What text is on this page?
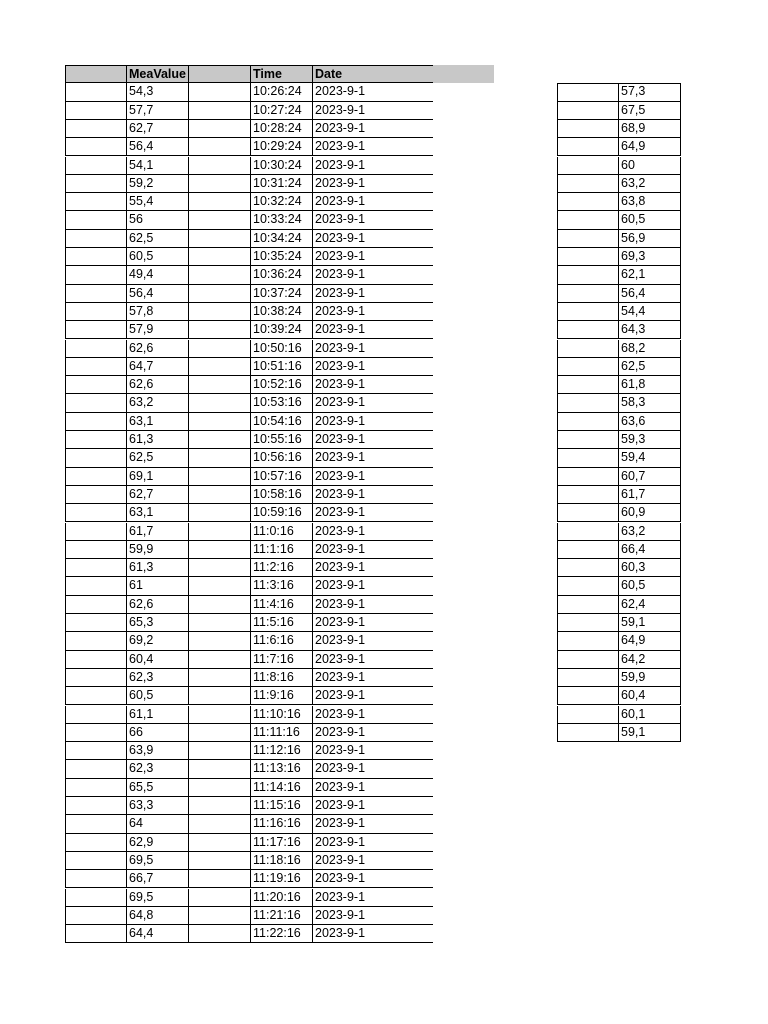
MeaValue	Time	Date
54,3	10:26:24	2023-9-1
57,7	10:27:24	2023-9-1
62,7	10:28:24	2023-9-1
56,4	10:29:24	2023-9-1
54,1	10:30:24	2023-9-1
59,2	10:31:24	2023-9-1
55,4	10:32:24	2023-9-1
56	10:33:24	2023-9-1
62,5	10:34:24	2023-9-1
60,5	10:35:24	2023-9-1
49,4	10:36:24	2023-9-1
56,4	10:37:24	2023-9-1
57,8	10:38:24	2023-9-1
57,9	10:39:24	2023-9-1
62,6	10:50:16	2023-9-1
64,7	10:51:16	2023-9-1
62,6	10:52:16	2023-9-1
63,2	10:53:16	2023-9-1
63,1	10:54:16	2023-9-1
61,3	10:55:16	2023-9-1
62,5	10:56:16	2023-9-1
69,1	10:57:16	2023-9-1
62,7	10:58:16	2023-9-1
63,1	10:59:16	2023-9-1
61,7	11:0:16	2023-9-1
59,9	11:1:16	2023-9-1
61,3	11:2:16	2023-9-1
61	11:3:16	2023-9-1
62,6	11:4:16	2023-9-1
65,3	11:5:16	2023-9-1
69,2	11:6:16	2023-9-1
60,4	11:7:16	2023-9-1
62,3	11:8:16	2023-9-1
60,5	11:9:16	2023-9-1
61,1	11:10:16	2023-9-1
66	11:11:16	2023-9-1
63,9	11:12:16	2023-9-1
62,3	11:13:16	2023-9-1
65,5	11:14:16	2023-9-1
63,3	11:15:16	2023-9-1
64	11:16:16	2023-9-1
62,9	11:17:16	2023-9-1
69,5	11:18:16	2023-9-1
66,7	11:19:16	2023-9-1
69,5	11:20:16	2023-9-1
64,8	11:21:16	2023-9-1
64,4	11:22:16	2023-9-1
57,3
67,5
68,9
64,9
60
63,2
63,8
60,5
56,9
69,3
62,1
56,4
54,4
64,3
68,2
62,5
61,8
58,3
63,6
59,3
59,4
60,7
61,7
60,9
63,2
66,4
60,3
60,5
62,4
59,1
64,9
64,2
59,9
60,4
60,1
59,1
